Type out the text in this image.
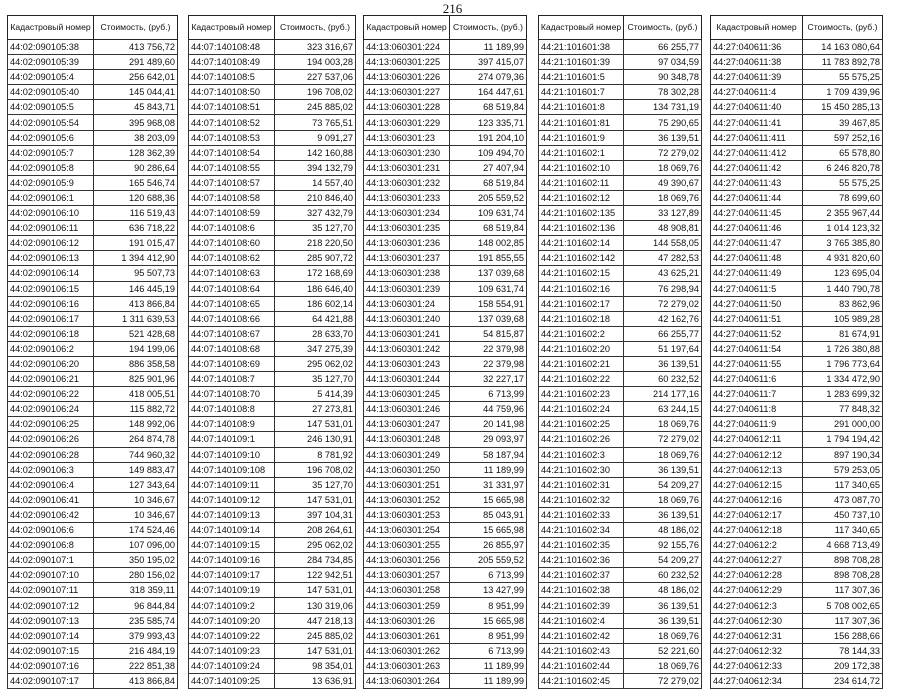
216
Кадастровый номер	Стоимость, (руб.)
44:02:090105:38	413 756,72
44:02:090105:39	291 489,60
44:02:090105:4	256 642,01
44:02:090105:40	145 044,41
44:02:090105:5	45 843,71
44:02:090105:54	395 968,08
44:02:090105:6	38 203,09
44:02:090105:7	128 362,39
44:02:090105:8	90 286,64
44:02:090105:9	165 546,74
44:02:090106:1	120 688,36
44:02:090106:10	116 519,43
44:02:090106:11	636 718,22
44:02:090106:12	191 015,47
44:02:090106:13	1 394 412,90
44:02:090106:14	95 507,73
44:02:090106:15	146 445,19
44:02:090106:16	413 866,84
44:02:090106:17	1 311 639,53
44:02:090106:18	521 428,68
44:02:090106:2	194 199,06
44:02:090106:20	886 358,58
44:02:090106:21	825 901,96
44:02:090106:22	418 005,51
44:02:090106:24	115 882,72
44:02:090106:25	148 992,06
44:02:090106:26	264 874,78
44:02:090106:28	744 960,32
44:02:090106:3	149 883,47
44:02:090106:4	127 343,64
44:02:090106:41	10 346,67
44:02:090106:42	10 346,67
44:02:090106:6	174 524,46
44:02:090106:8	107 096,00
44:02:090107:1	350 195,02
44:02:090107:10	280 156,02
44:02:090107:11	318 359,11
44:02:090107:12	96 844,84
44:02:090107:13	235 585,74
44:02:090107:14	379 993,43
44:02:090107:15	216 484,19
44:02:090107:16	222 851,38
44:02:090107:17	413 866,84
Кадастровый номер	Стоимость, (руб.)
44:07:140108:48	323 316,67
44:07:140108:49	194 003,28
44:07:140108:5	227 537,06
44:07:140108:50	196 708,02
44:07:140108:51	245 885,02
44:07:140108:52	73 765,51
44:07:140108:53	9 091,27
44:07:140108:54	142 160,88
44:07:140108:55	394 132,79
44:07:140108:57	14 557,40
44:07:140108:58	210 846,40
44:07:140108:59	327 432,79
44:07:140108:6	35 127,70
44:07:140108:60	218 220,50
44:07:140108:62	285 907,72
44:07:140108:63	172 168,69
44:07:140108:64	186 646,40
44:07:140108:65	186 602,14
44:07:140108:66	64 421,88
44:07:140108:67	28 633,70
44:07:140108:68	347 275,39
44:07:140108:69	295 062,02
44:07:140108:7	35 127,70
44:07:140108:70	5 414,39
44:07:140108:8	27 273,81
44:07:140108:9	147 531,01
44:07:140109:1	246 130,91
44:07:140109:10	8 781,92
44:07:140109:108	196 708,02
44:07:140109:11	35 127,70
44:07:140109:12	147 531,01
44:07:140109:13	397 104,31
44:07:140109:14	208 264,61
44:07:140109:15	295 062,02
44:07:140109:16	284 734,85
44:07:140109:17	122 942,51
44:07:140109:19	147 531,01
44:07:140109:2	130 319,06
44:07:140109:20	447 218,13
44:07:140109:22	245 885,02
44:07:140109:23	147 531,01
44:07:140109:24	98 354,01
44:07:140109:25	13 636,91
Кадастровый номер	Стоимость, (руб.)
44:13:060301:224	11 189,99
44:13:060301:225	397 415,07
44:13:060301:226	274 079,36
44:13:060301:227	164 447,61
44:13:060301:228	68 519,84
44:13:060301:229	123 335,71
44:13:060301:23	191 204,10
44:13:060301:230	109 494,70
44:13:060301:231	27 407,94
44:13:060301:232	68 519,84
44:13:060301:233	205 559,52
44:13:060301:234	109 631,74
44:13:060301:235	68 519,84
44:13:060301:236	148 002,85
44:13:060301:237	191 855,55
44:13:060301:238	137 039,68
44:13:060301:239	109 631,74
44:13:060301:24	158 554,91
44:13:060301:240	137 039,68
44:13:060301:241	54 815,87
44:13:060301:242	22 379,98
44:13:060301:243	22 379,98
44:13:060301:244	32 227,17
44:13:060301:245	6 713,99
44:13:060301:246	44 759,96
44:13:060301:247	20 141,98
44:13:060301:248	29 093,97
44:13:060301:249	58 187,94
44:13:060301:250	11 189,99
44:13:060301:251	31 331,97
44:13:060301:252	15 665,98
44:13:060301:253	85 043,91
44:13:060301:254	15 665,98
44:13:060301:255	26 855,97
44:13:060301:256	205 559,52
44:13:060301:257	6 713,99
44:13:060301:258	13 427,99
44:13:060301:259	8 951,99
44:13:060301:26	15 665,98
44:13:060301:261	8 951,99
44:13:060301:262	6 713,99
44:13:060301:263	11 189,99
44:13:060301:264	11 189,99
Кадастровый номер	Стоимость, (руб.)
44:21:101601:38	66 255,77
44:21:101601:39	97 034,59
44:21:101601:5	90 348,78
44:21:101601:7	78 302,28
44:21:101601:8	134 731,19
44:21:101601:81	75 290,65
44:21:101601:9	36 139,51
44:21:101602:1	72 279,02
44:21:101602:10	18 069,76
44:21:101602:11	49 390,67
44:21:101602:12	18 069,76
44:21:101602:135	33 127,89
44:21:101602:136	48 908,81
44:21:101602:14	144 558,05
44:21:101602:142	47 282,53
44:21:101602:15	43 625,21
44:21:101602:16	76 298,94
44:21:101602:17	72 279,02
44:21:101602:18	42 162,76
44:21:101602:2	66 255,77
44:21:101602:20	51 197,64
44:21:101602:21	36 139,51
44:21:101602:22	60 232,52
44:21:101602:23	214 177,16
44:21:101602:24	63 244,15
44:21:101602:25	18 069,76
44:21:101602:26	72 279,02
44:21:101602:3	18 069,76
44:21:101602:30	36 139,51
44:21:101602:31	54 209,27
44:21:101602:32	18 069,76
44:21:101602:33	36 139,51
44:21:101602:34	48 186,02
44:21:101602:35	92 155,76
44:21:101602:36	54 209,27
44:21:101602:37	60 232,52
44:21:101602:38	48 186,02
44:21:101602:39	36 139,51
44:21:101602:4	36 139,51
44:21:101602:42	18 069,76
44:21:101602:43	52 221,60
44:21:101602:44	18 069,76
44:21:101602:45	72 279,02
Кадастровый номер	Стоимость, (руб.)
44:27:040611:36	14 163 080,64
44:27:040611:38	11 783 892,78
44:27:040611:39	55 575,25
44:27:040611:4	1 709 439,96
44:27:040611:40	15 450 285,13
44:27:040611:41	39 467,85
44:27:040611:411	597 252,16
44:27:040611:412	65 578,80
44:27:040611:42	6 246 820,78
44:27:040611:43	55 575,25
44:27:040611:44	78 699,60
44:27:040611:45	2 355 967,44
44:27:040611:46	1 014 123,32
44:27:040611:47	3 765 385,80
44:27:040611:48	4 931 820,60
44:27:040611:49	123 695,04
44:27:040611:5	1 440 790,78
44:27:040611:50	83 862,96
44:27:040611:51	105 989,28
44:27:040611:52	81 674,91
44:27:040611:54	1 726 380,88
44:27:040611:55	1 796 773,64
44:27:040611:6	1 334 472,90
44:27:040611:7	1 283 699,32
44:27:040611:8	77 848,32
44:27:040611:9	291 000,00
44:27:040612:11	1 794 194,42
44:27:040612:12	897 190,34
44:27:040612:13	579 253,05
44:27:040612:15	117 340,65
44:27:040612:16	473 087,70
44:27:040612:17	450 737,10
44:27:040612:18	117 340,65
44:27:040612:2	4 668 713,49
44:27:040612:27	898 708,28
44:27:040612:28	898 708,28
44:27:040612:29	117 307,36
44:27:040612:3	5 708 002,65
44:27:040612:30	117 307,36
44:27:040612:31	156 288,66
44:27:040612:32	78 144,33
44:27:040612:33	209 172,38
44:27:040612:34	234 614,72
